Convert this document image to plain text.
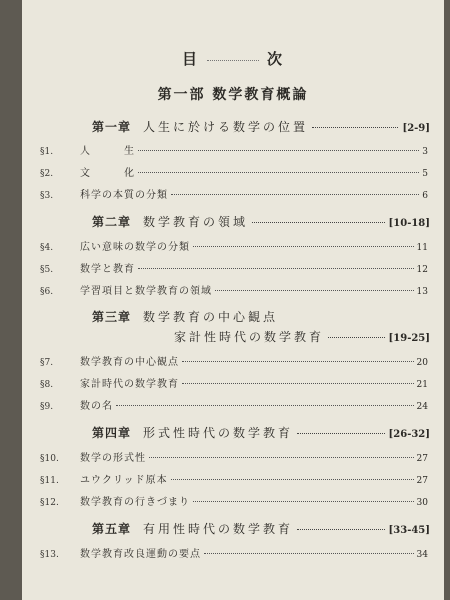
目	次
第一部 数学教育概論
第一章 人生に於ける数学の位置	[2-9]
§1.	人　　　生	3
§2.	文　　　化	5
§3.	科学の本質の分類	6
第二章 数学教育の領域	[10-18]
§4.	広い意味の数学の分類	11
§5.	数学と教育	12
§6.	学習項目と数学教育の領域	13
第三章 数学教育の中心観点
家計性時代の数学教育	[19-25]
§7.	数学教育の中心観点	20
§8.	家計時代の数学教育	21
§9.	数の名	24
第四章 形式性時代の数学教育	[26-32]
§10.	数学の形式性	27
§11.	ユウクリッド原本	27
§12.	数学教育の行きづまり	30
第五章 有用性時代の数学教育	[33-45]
§13.	数学教育改良運動の要点	34
